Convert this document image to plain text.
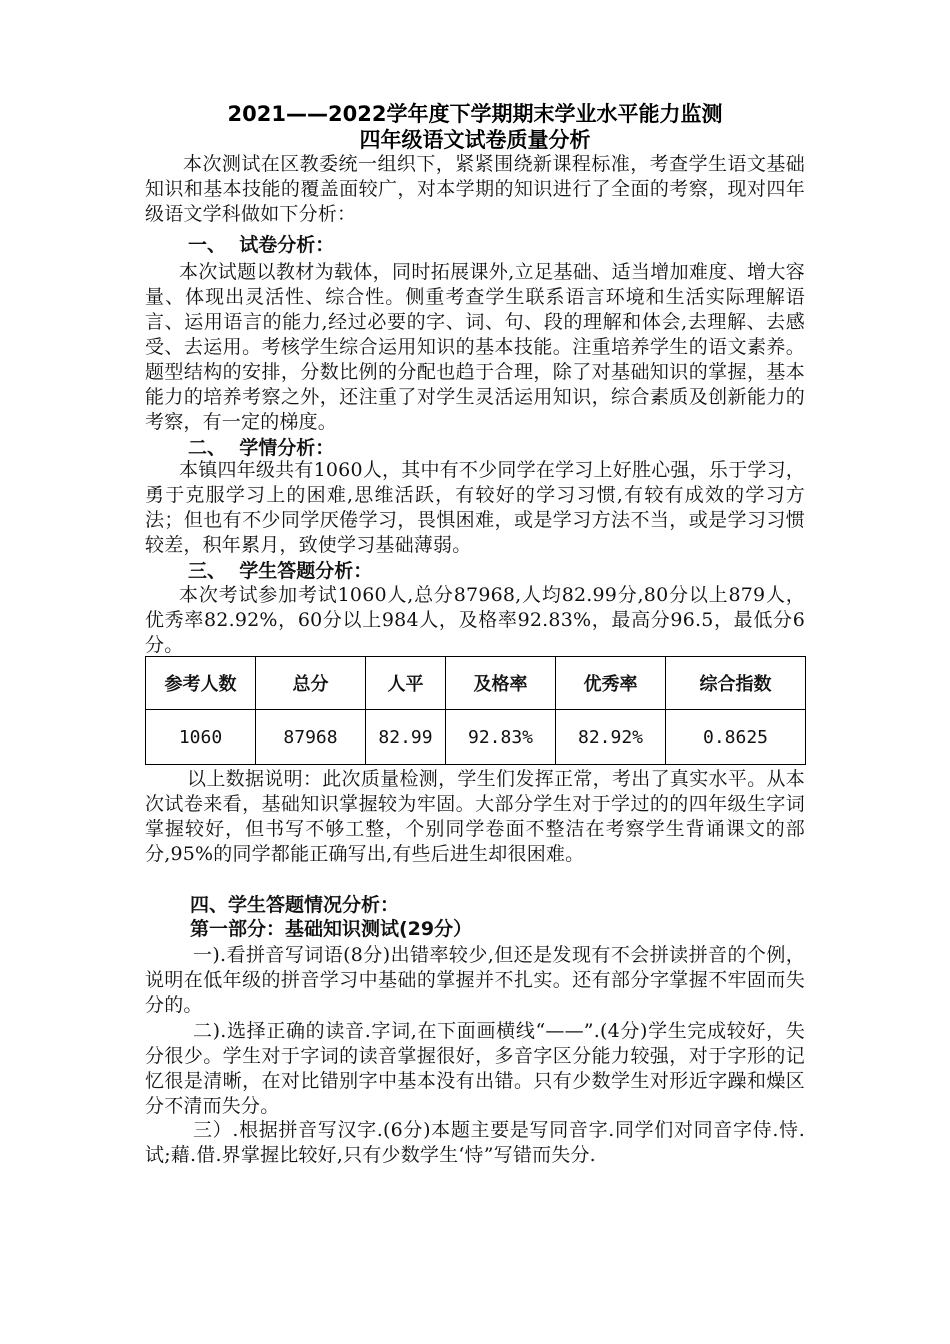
2021——2022学年度下学期期末学业水平能力监测
四年级语文试卷质量分析
本次测试在区教委统一组织下，紧紧围绕新课程标准，考查学生语文基础知识和基本技能的覆盖面较广，对本学期的知识进行了全面的考察，现对四年级语文学科做如下分析：
一、  试卷分析：
本次试题以教材为载体，同时拓展课外,立足基础、适当增加难度、增大容量、体现出灵活性、综合性。侧重考查学生联系语言环境和生活实际理解语言、运用语言的能力,经过必要的字、词、句、段的理解和体会,去理解、去感受、去运用。考核学生综合运用知识的基本技能。注重培养学生的语文素养。题型结构的安排，分数比例的分配也趋于合理，除了对基础知识的掌握，基本能力的培养考察之外，还注重了对学生灵活运用知识，综合素质及创新能力的考察，有一定的梯度。
二、  学情分析：
本镇四年级共有1060人，其中有不少同学在学习上好胜心强，乐于学习，勇于克服学习上的困难,思维活跃，有较好的学习习惯,有较有成效的学习方法；但也有不少同学厌倦学习，畏惧困难，或是学习方法不当，或是学习习惯较差，积年累月，致使学习基础薄弱。
三、  学生答题分析：
本次考试参加考试1060人,总分87968,人均82.99分,80分以上879人，优秀率82.92%，60分以上984人，及格率92.83%，最高分96.5，最低分6分。
参考人数	总分	人平	及格率	优秀率	综合指数
1060	87968	82.99	92.83%	82.92%	0.8625
以上数据说明：此次质量检测，学生们发挥正常，考出了真实水平。从本次试卷来看，基础知识掌握较为牢固。大部分学生对于学过的的四年级生字词掌握较好，但书写不够工整，个别同学卷面不整洁在考察学生背诵课文的部分,95%的同学都能正确写出,有些后进生却很困难。
四、学生答题情况分析：
第一部分：基础知识测试(29分）
一).看拼音写词语(8分)出错率较少,但还是发现有不会拼读拼音的个例，说明在低年级的拼音学习中基础的掌握并不扎实。还有部分字掌握不牢固而失分的。
二).选择正确的读音.字词,在下面画横线“——”.(4分)学生完成较好，失分很少。学生对于字词的读音掌握很好，多音字区分能力较强，对于字形的记忆很是清晰，在对比错别字中基本没有出错。只有少数学生对形近字躁和燥区分不清而失分。
三）.根据拼音写汉字.(6分)本题主要是写同音字.同学们对同音字侍.恃.试;藉.借.界掌握比较好,只有少数学生‘恃”写错而失分.
